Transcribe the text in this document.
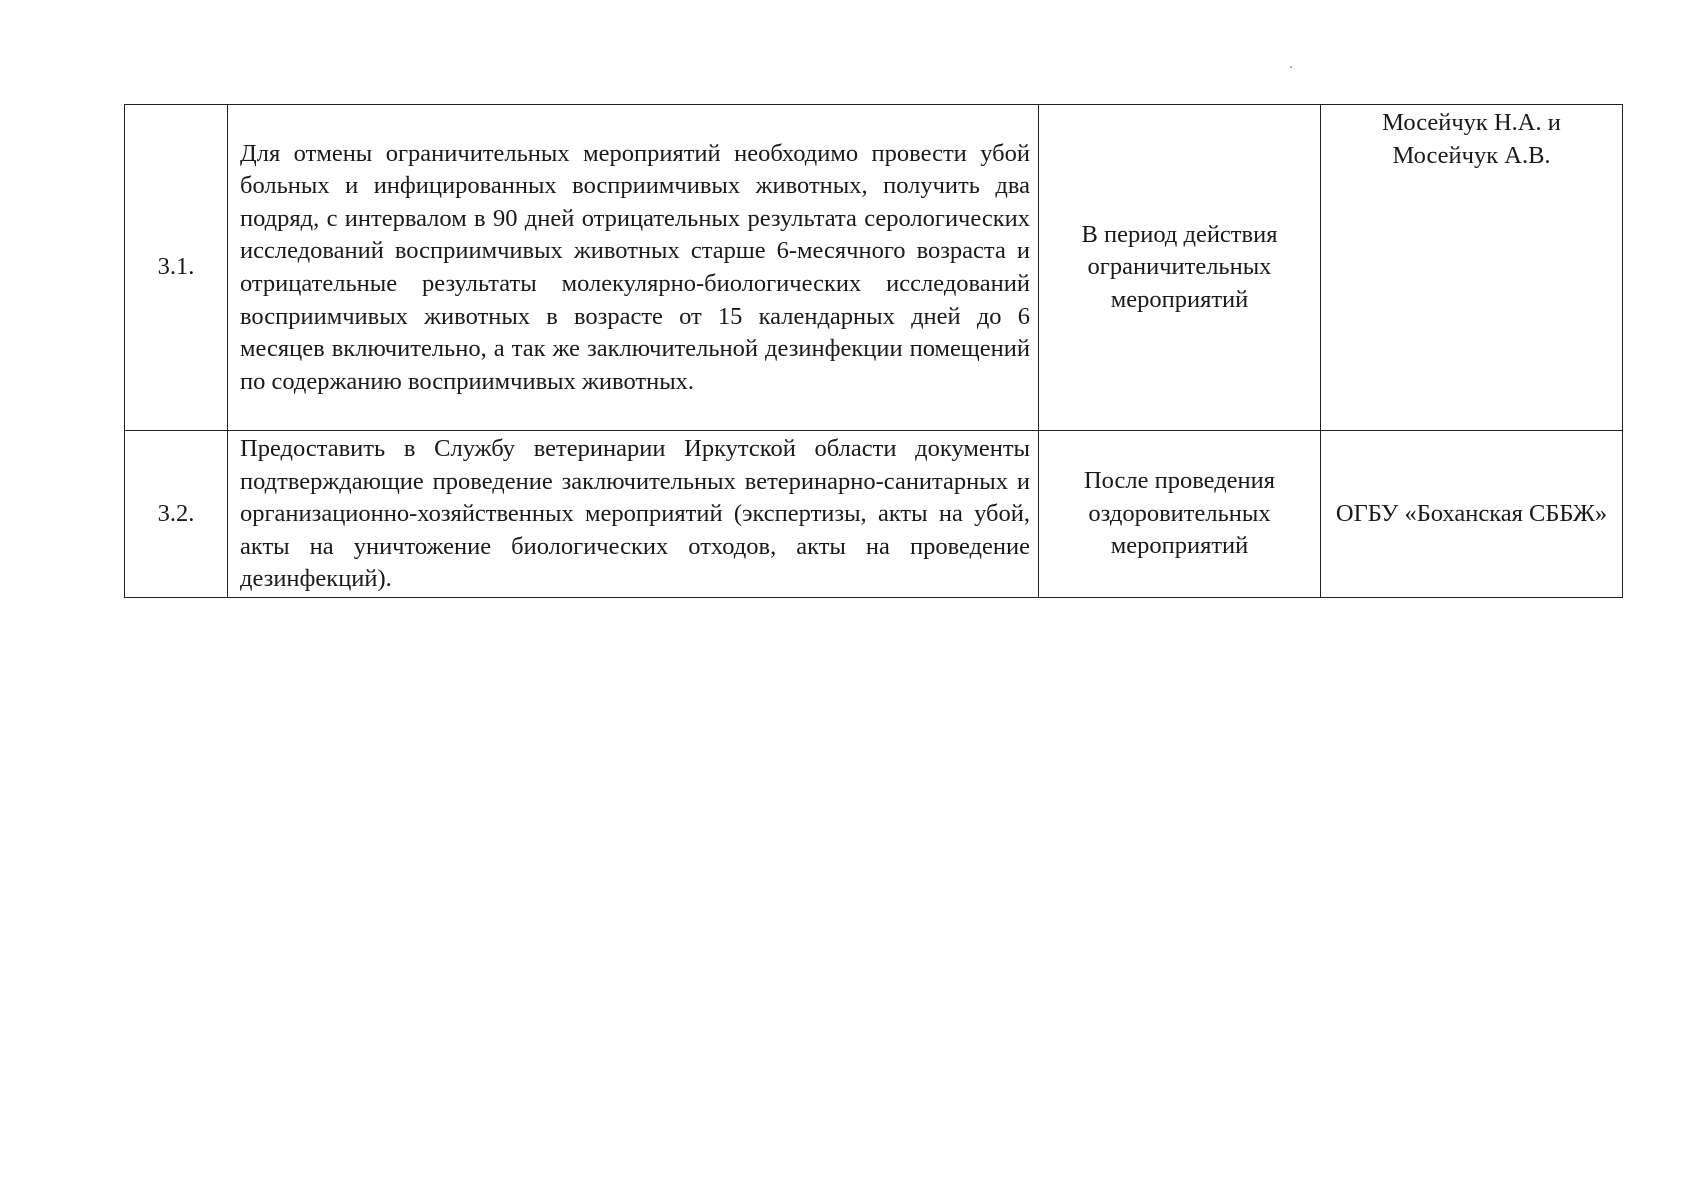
3.1.	Для отмены ограничительных мероприятий необходимо провести убой больных и инфицированных восприимчивых животных, получить два подряд, с интервалом в 90 дней отрицательных результата серологических исследований восприимчивых животных старше 6-месячного возраста и отрицательные результаты молекулярно-биологических исследований восприимчивых животных в возрасте от 15 календарных дней до 6 месяцев включительно, а так же заключительной дезинфекции помещений по содержанию восприимчивых животных.	В период действия ограничительных мероприятий	Мосейчук Н.А. и Мосейчук А.В.
3.2.	Предоставить в Службу ветеринарии Иркутской области документы подтверждающие проведение заключительных ветеринарно-санитарных и организационно-хозяйственных мероприятий (экспертизы, акты на убой, акты на уничтожение биологических отходов, акты на проведение дезинфекций).	После проведения оздоровительных мероприятий	ОГБУ «Боханская СББЖ»
